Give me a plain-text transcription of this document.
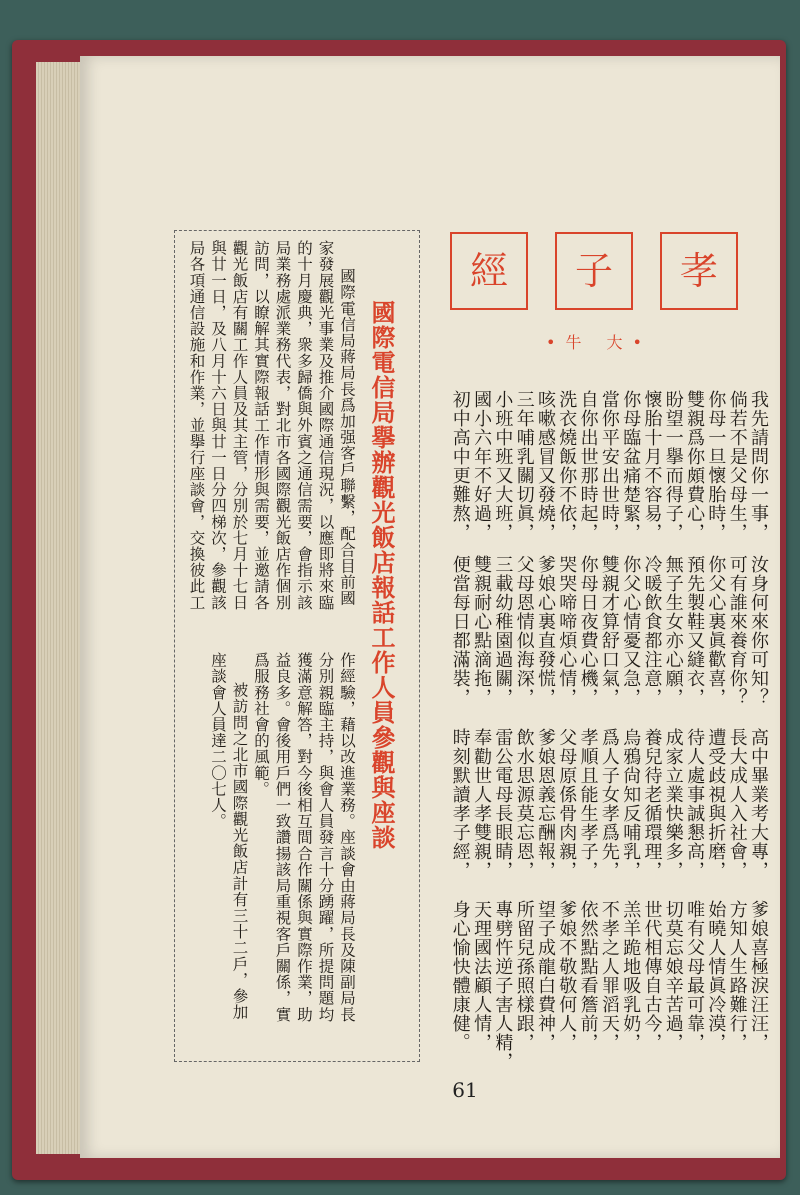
孝
子
經
•牛 大•
我先請問你一事，
倘若不是父母生，
你母一旦懷胎時，
雙親爲你頗費心，
盼望一擧而得子，
懷胎十月不容易，
你母臨盆痛楚緊，
當你平安出世時，
自你出世那時起，
洗衣燒飯你不依，
咳嗽感冒又發燒，
三年哺乳關切眞，
小班中班又大班，
國小六年不好過，
初中高中更難熬，
汝身何來你可知？
可有誰來養育你？
你父心裏眞歡喜，
預先製鞋又縫衣，
無子生女亦心願，
冷暖飲食都注意，
你父心情憂又急，
雙親才算舒口氣，
你母日夜費心機，
哭哭啼啼煩心情，
爹娘心裏直發慌，
父母恩情似海深，
三載幼稚園過關，
雙親耐心點滴拖，
便當每日都滿裝，
高中畢業考大專，
長大成人入社會，
遭受歧視與折磨，
待人處事誠懇高，
成家立業快樂多，
養兒待老循環理，
烏鴉尙知反哺乳，
爲人子女孝爲先，
孝順且能生孝子，
父母原係骨肉親，
爹娘恩義忘酬報，
飲水思源莫忘恩，
雷公電母長眼睛，
奉勸世人孝雙親，
時刻默讀孝子經，
爹娘喜極淚汪汪，
方知人生路難行，
始曉人情眞冷漠，
唯有父母最可靠，
切莫忘娘辛苦過，
世代相傳自古今，
羔羊跪地吸乳奶，
不孝之人罪滔天，
依然點點看簷前，
爹娘不敬敬何人，
望子成龍白費神，
所留兒孫照樣跟，
專劈忤逆子害人精，
天理國法顧人情，
身心愉快體康健。
國際電信局擧辦觀光飯店報話工作人員參觀與座談
國際電信局蔣局長爲加强客戶聯繫，配合目前國
家發展觀光事業及推介國際通信現況，以應即將來臨
的十月慶典，衆多歸僑與外賓之通信需要，會指示該
局業務處派業務代表，對北市各國際觀光飯店作個別
訪問，以瞭解其實際報話工作情形與需要，並邀請各
觀光飯店有關工作人員及其主管，分別於七月十七日
與廿一日，及八月十六日與廿一日分四梯次，參觀該
局各項通信設施和作業，並擧行座談會，交換彼此工
作經驗，藉以改進業務。座談會由蔣局長及陳副局長
分別親臨主持，與會人員發言十分踴躍，所提問題均
獲滿意解答，對今後相互間合作關係與實際作業，助
益良多。會後用戶們一致讚揚該局重視客戶關係，實
爲服務社會的風範。
被訪問之北市國際觀光飯店計有三十二戶，參加
座談會人員達二〇七人。
61
